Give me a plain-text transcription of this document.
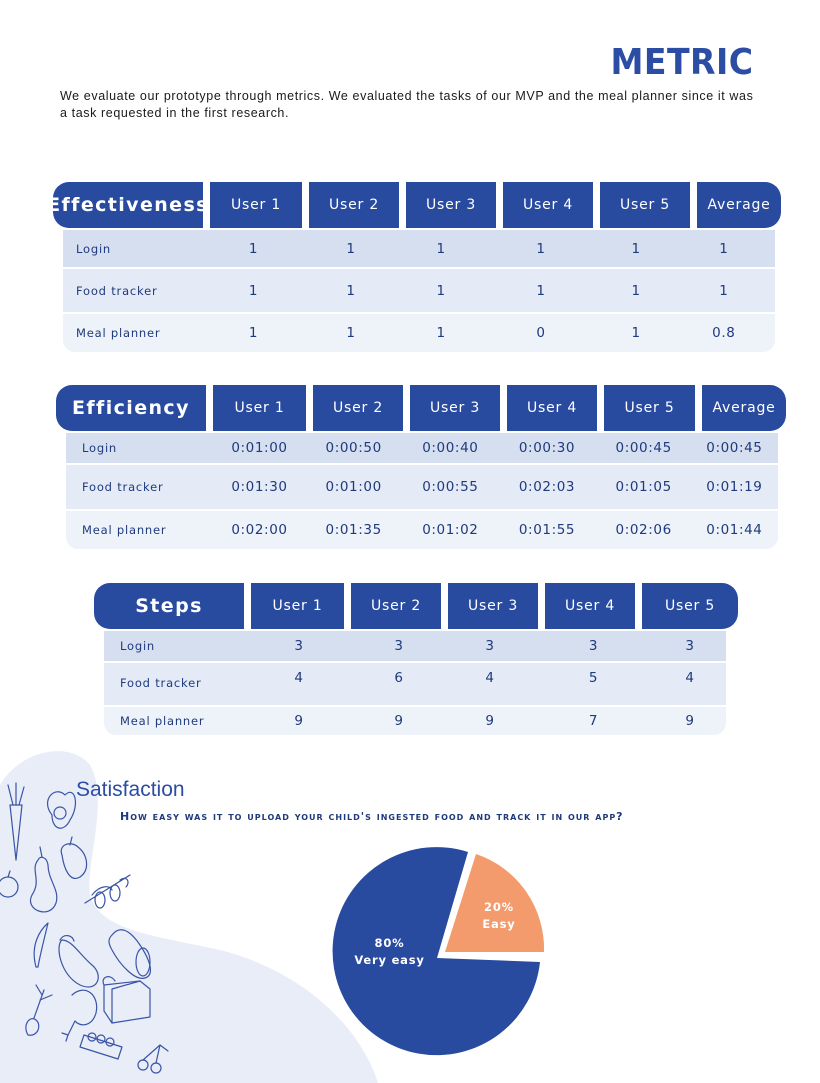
METRIC

We evaluate our prototype through metrics. We evaluated the tasks of our MVP and the meal planner since it was a task requested in the first research.

Effectiveness	User 1	User 2	User 3	User 4	User 5	Average
Login	1	1	1	1	1	1
Food tracker	1	1	1	1	1	1
Meal planner	1	1	1	0	1	0.8
Efficiency	User 1	User 2	User 3	User 4	User 5	Average
Login	0:01:00	0:00:50	0:00:40	0:00:30	0:00:45	0:00:45
Food tracker	0:01:30	0:01:00	0:00:55	0:02:03	0:01:05	0:01:19
Meal planner	0:02:00	0:01:35	0:01:02	0:01:55	0:02:06	0:01:44
Steps	User 1	User 2	User 3	User 4	User 5
Login	3	3	3	3	3
Food tracker	4	6	4	5	4
Meal planner	9	9	9	7	9
Satisfaction
How easy was it to upload your child's ingested food and track it in our app?
80%
Very easy
20%
Easy
